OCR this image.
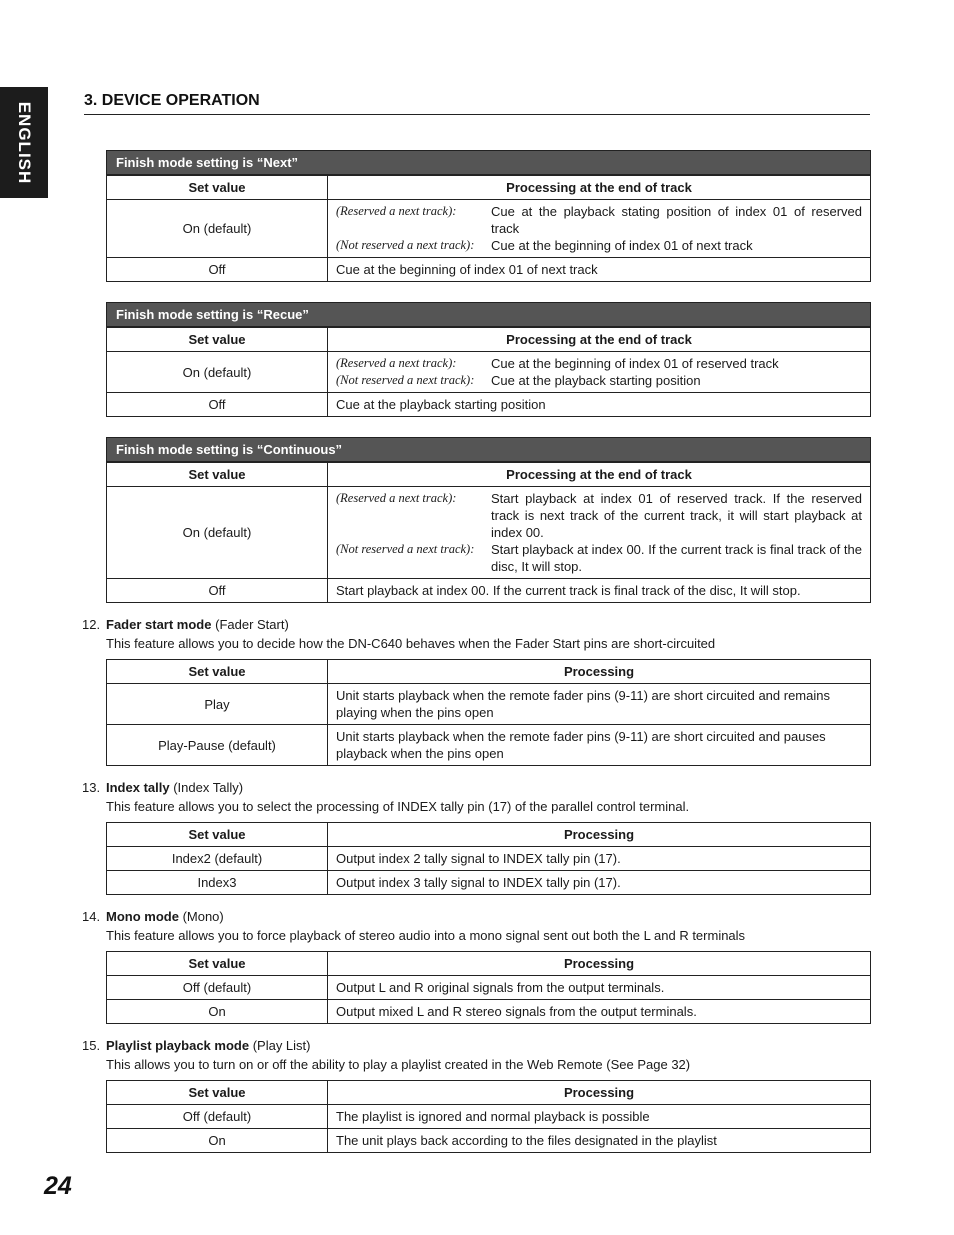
ENGLISH
3. DEVICE OPERATION
Finish mode setting is “Next”
Set value	Processing at the end of track
On (default)	
(Reserved a next track):	Cue at the playback stating position of index 01 of reserved track
(Not reserved a next track):	Cue at the beginning of index 01 of next track

Off	Cue at the beginning of index 01 of next track
Finish mode setting is “Recue”
Set value	Processing at the end of track
On (default)	
(Reserved a next track):	Cue at the beginning of index 01 of reserved track
(Not reserved a next track):	Cue at the playback starting position

Off	Cue at the playback starting position
Finish mode setting is “Continuous”
Set value	Processing at the end of track
On (default)	
(Reserved a next track):	Start playback at index 01 of reserved track. If the reserved track is next track of the current track, it will start playback at index 00.
(Not reserved a next track):	Start playback at index 00. If the current track is final track of the disc, It will stop.

Off	Start playback at index 00. If the current track is final track of the disc, It will stop.
12. Fader start mode (Fader Start)
This feature allows you to decide how the DN-C640 behaves when the Fader Start pins are short-circuited
Set value	Processing
Play	Unit starts playback when the remote fader pins (9-11) are short circuited and remains playing when the pins open
Play-Pause (default)	Unit starts playback when the remote fader pins (9-11) are short circuited and pauses playback when the pins open
13. Index tally (Index Tally)
This feature allows you to select the processing of INDEX tally pin (17) of the parallel control terminal.
Set value	Processing
Index2 (default)	Output index 2 tally signal to INDEX tally pin (17).
Index3	Output index 3 tally signal to INDEX tally pin (17).
14. Mono mode (Mono)
This feature allows you to force playback of stereo audio into a mono signal sent out both the L and R terminals
Set value	Processing
Off (default)	Output L and R original signals from the output terminals.
On	Output mixed L and R stereo signals from the output terminals.
15. Playlist playback mode (Play List)
This allows you to turn on or off the ability to play a playlist created in the Web Remote (See Page 32)
Set value	Processing
Off (default)	The playlist is ignored and normal playback is possible
On	The unit plays back according to the files designated in the playlist
24
